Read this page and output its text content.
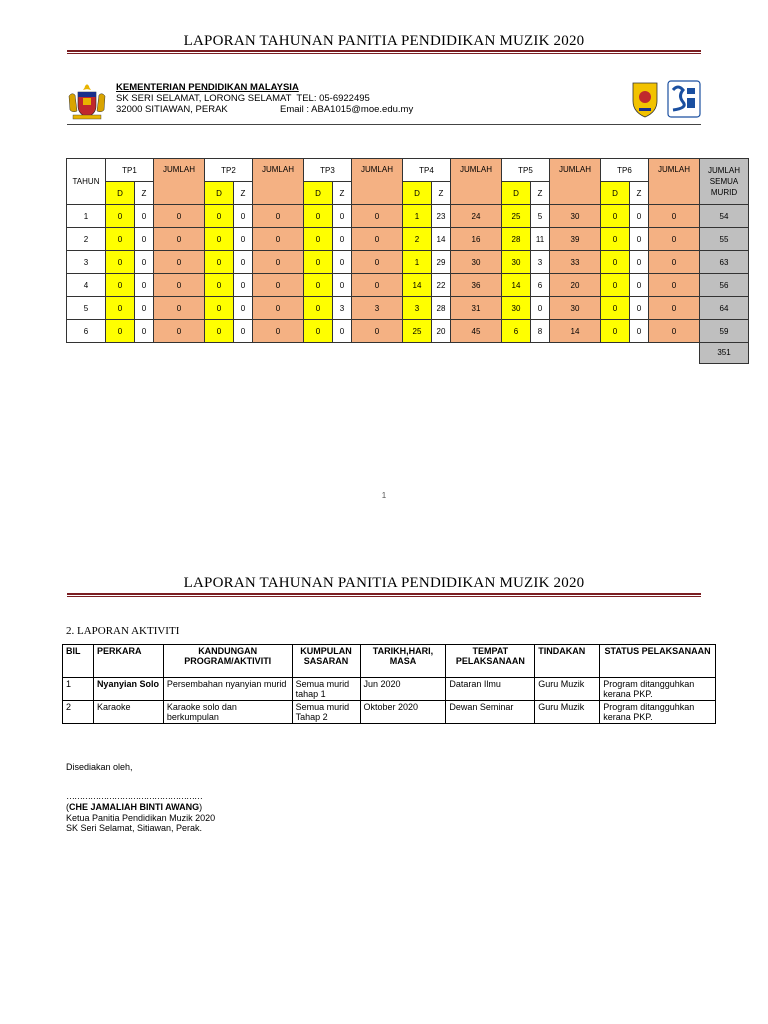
LAPORAN TAHUNAN PANITIA PENDIDIKAN MUZIK 2020
KEMENTERIAN PENDIDIKAN MALAYSIA
SK SERI SELAMAT, LORONG SELAMAT TEL: 05-6922495
32000 SITIAWAN, PERAK	Email : ABA1015@moe.edu.my
TAHUN	TP1		JUMLAH	TP2		JUMLAH	TP3		JUMLAH	TP4		JUMLAH	TP5		JUMLAH	TP6		JUMLAH	JUMLAH SEMUA MURID
	D	Z		D	Z		D	Z		D	Z		D	Z		D	Z		
1	0	0	0	0	0	0	0	0	0	1	23	24	25	5	30	0	0	0	54
2	0	0	0	0	0	0	0	0	0	2	14	16	28	11	39	0	0	0	55
3	0	0	0	0	0	0	0	0	0	1	29	30	30	3	33	0	0	0	63
4	0	0	0	0	0	0	0	0	0	14	22	36	14	6	20	0	0	0	56
5	0	0	0	0	0	0	0	3	3	3	28	31	30	0	30	0	0	0	64
6	0	0	0	0	0	0	0	0	0	25	20	45	6	8	14	0	0	0	59
																			351
1
LAPORAN TAHUNAN PANITIA PENDIDIKAN MUZIK 2020
2. LAPORAN AKTIVITI
BIL	PERKARA	KANDUNGAN PROGRAM/AKTIVITI	KUMPULAN SASARAN	TARIKH,HARI, MASA	TEMPAT PELAKSANAAN	TINDAKAN	STATUS PELAKSANAAN
1	Nyanyian Solo	Persembahan nyanyian murid	Semua murid tahap 1	Jun 2020	Dataran Ilmu	Guru Muzik	Program ditangguhkan kerana PKP.
2	Karaoke	Karaoke solo dan berkumpulan	Semua murid Tahap 2	Oktober 2020	Dewan Seminar	Guru Muzik	Program ditangguhkan kerana PKP.
Disediakan oleh,
……………………………………………
(CHE JAMALIAH BINTI AWANG)
Ketua Panitia Pendidikan Muzik 2020
SK Seri Selamat, Sitiawan, Perak.
